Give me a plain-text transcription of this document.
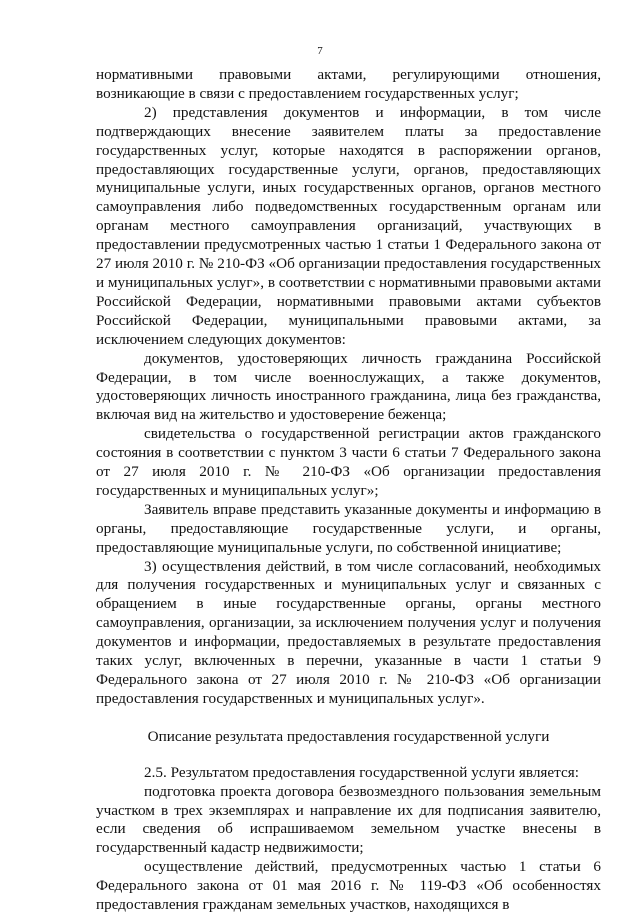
7

нормативными правовыми актами, регулирующими отношения, возникающие в связи с предоставлением государственных услуг;

2) представления документов и информации, в том числе подтверждающих внесение заявителем платы за предоставление государственных услуг, которые находятся в распоряжении органов, предоставляющих государственные услуги, органов, предоставляющих муниципальные услуги, иных государственных органов, органов местного самоуправления либо подведомственных государственным органам или органам местного самоуправления организаций, участвующих в предоставлении предусмотренных частью 1 статьи 1 Федерального закона от 27 июля 2010 г. № 210-ФЗ «Об организации предоставления государственных и муниципальных услуг», в соответствии с нормативными правовыми актами Российской Федерации, нормативными правовыми актами субъектов Российской Федерации, муниципальными правовыми актами, за исключением следующих документов:

документов, удостоверяющих личность гражданина Российской Федерации, в том числе военнослужащих, а также документов, удостоверяющих личность иностранного гражданина, лица без гражданства, включая вид на жительство и удостоверение беженца;

свидетельства о государственной регистрации актов гражданского состояния в соответствии с пунктом 3 части 6 статьи 7 Федерального закона от 27 июля 2010 г. № 210-ФЗ «Об организации предоставления государственных и муниципальных услуг»;

Заявитель вправе представить указанные документы и информацию в органы, предоставляющие государственные услуги, и органы, предоставляющие муниципальные услуги, по собственной инициативе;

3) осуществления действий, в том числе согласований, необходимых для получения государственных и муниципальных услуг и связанных с обращением в иные государственные органы, органы местного самоуправления, организации, за исключением получения услуг и получения документов и информации, предоставляемых в результате предоставления таких услуг, включенных в перечни, указанные в части 1 статьи 9 Федерального закона от 27 июля 2010 г. № 210-ФЗ «Об организации предоставления государственных и муниципальных услуг».

Описание результата предоставления государственной услуги

2.5. Результатом предоставления государственной услуги является:

подготовка проекта договора безвозмездного пользования земельным участком в трех экземплярах и направление их для подписания заявителю, если сведения об испрашиваемом земельном участке внесены в государственный кадастр недвижимости;

осуществление действий, предусмотренных частью 1 статьи 6 Федерального закона от 01 мая 2016 г. № 119-ФЗ «Об особенностях предоставления гражданам земельных участков, находящихся в
